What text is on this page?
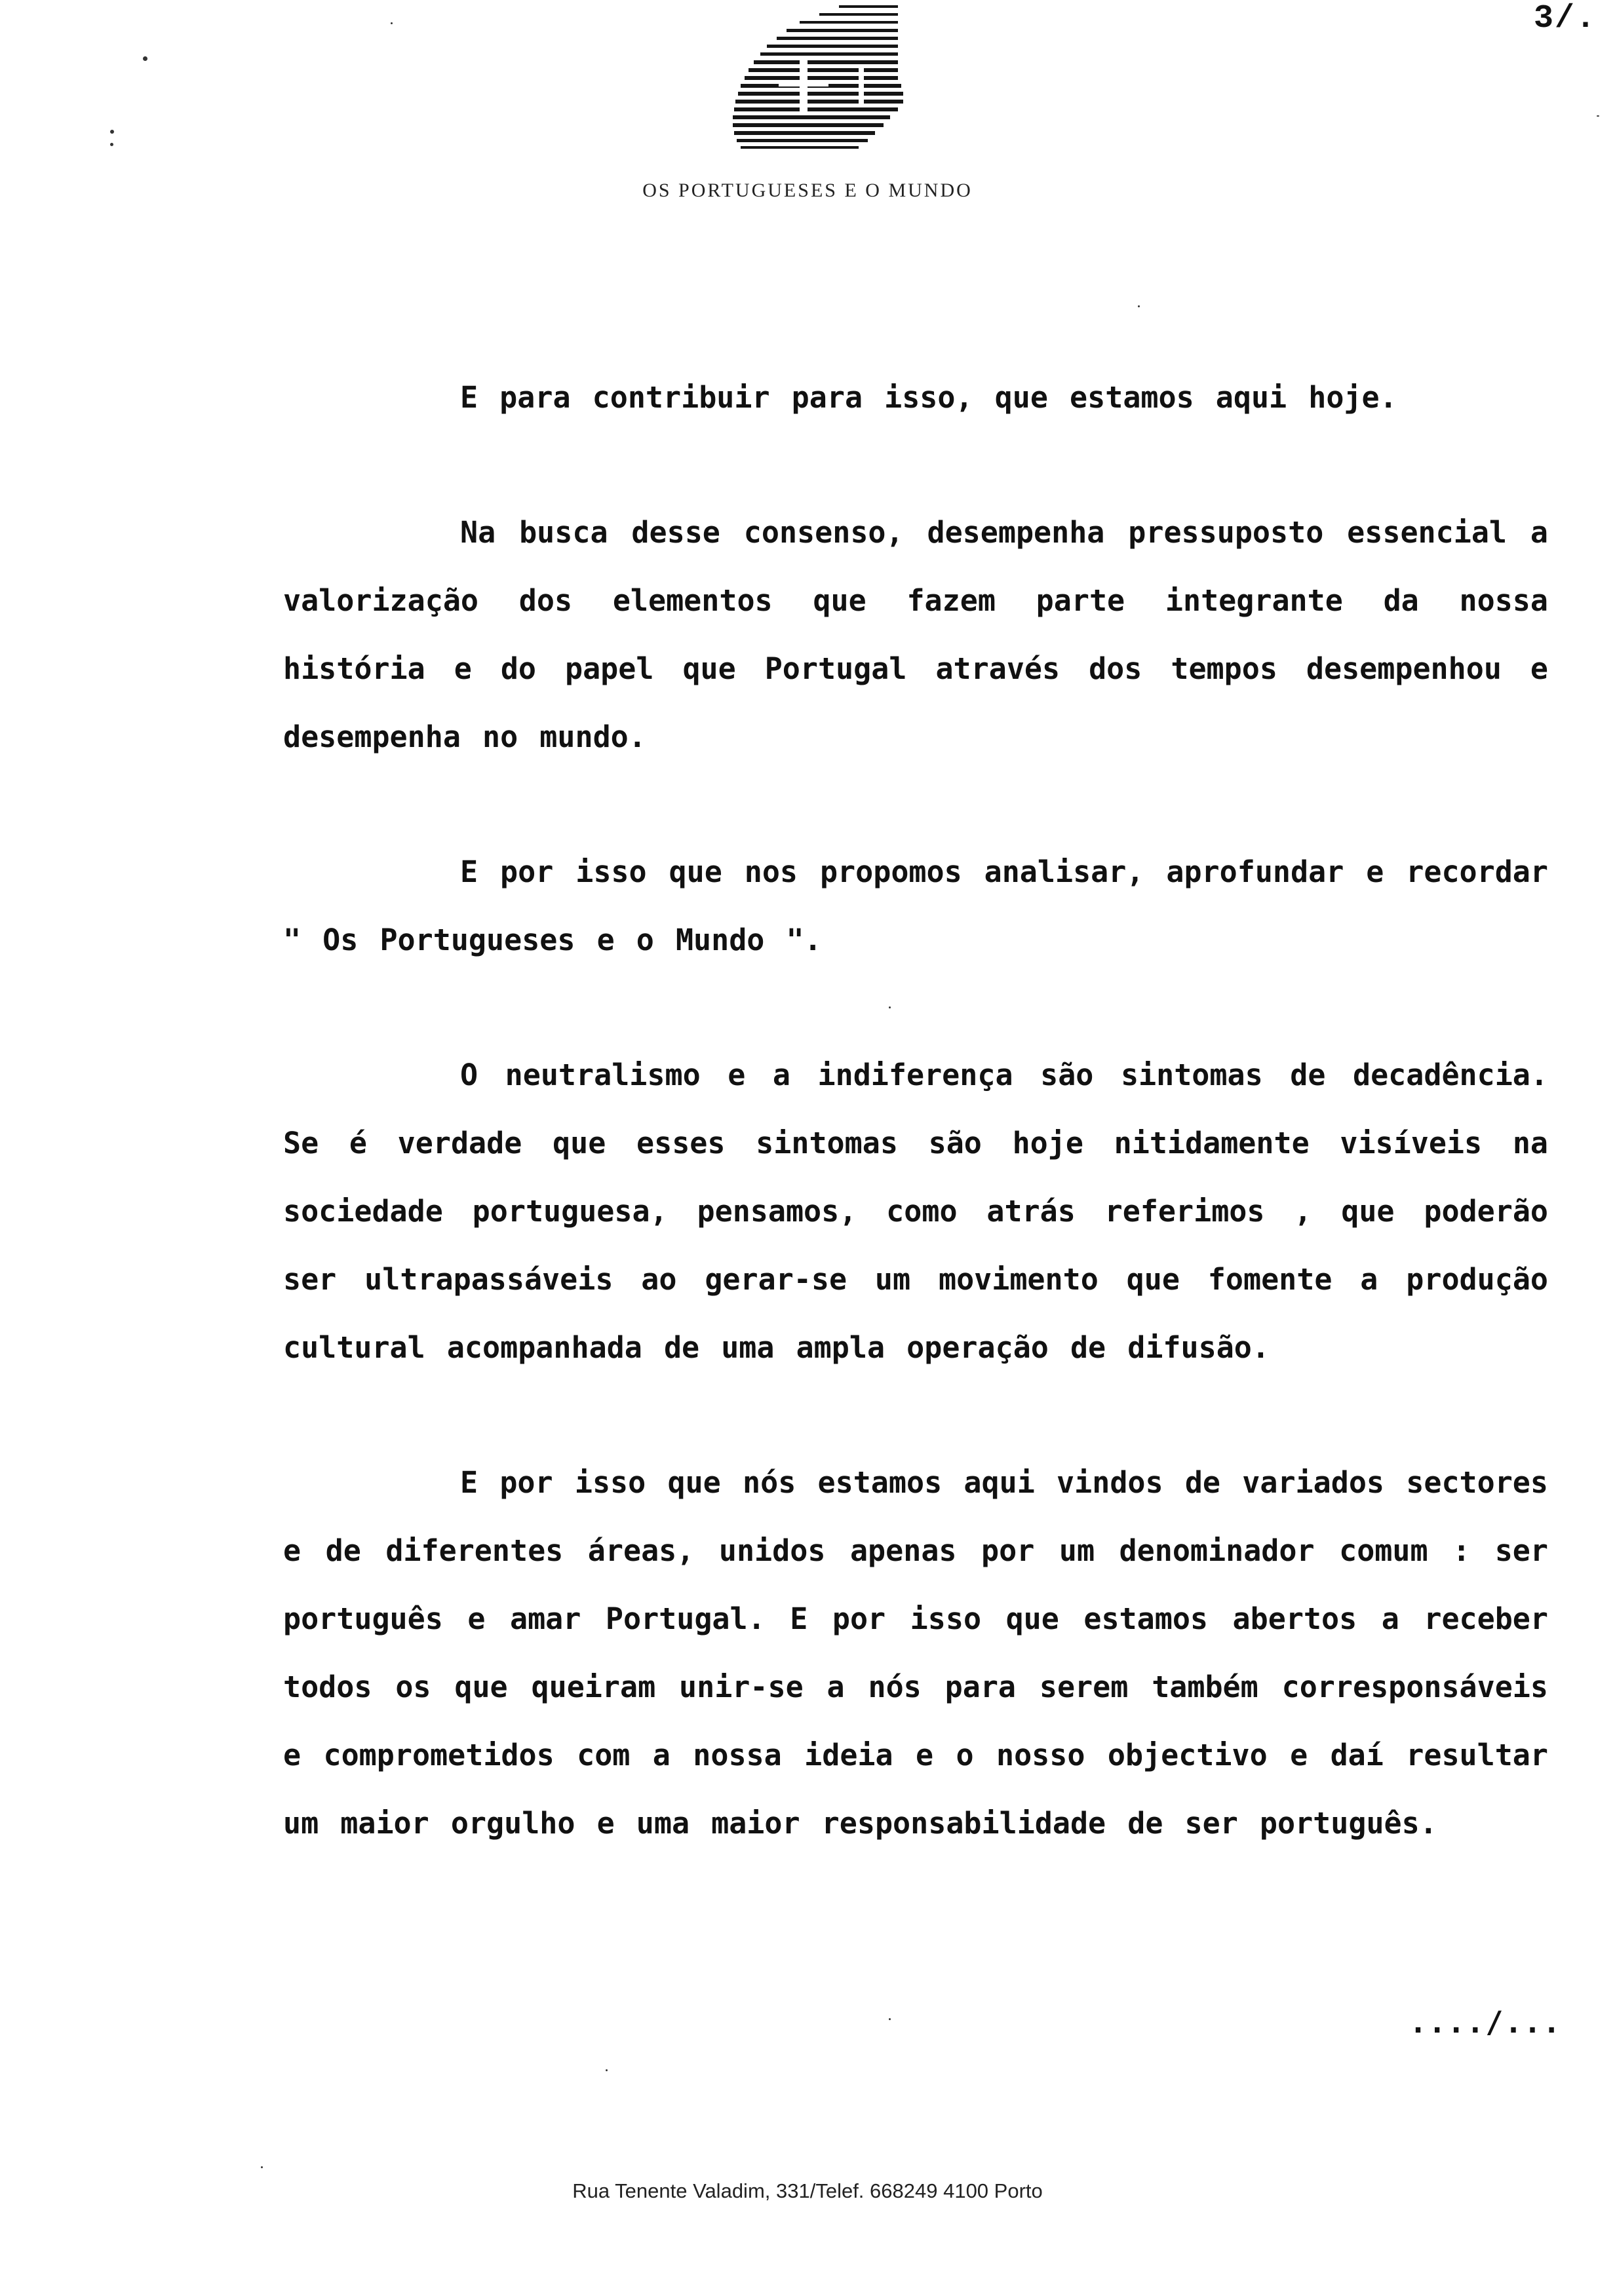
3/.
OS PORTUGUESES E O MUNDO

E para contribuir para isso, que estamos aqui hoje.

Na busca desse consenso, desempenha pressuposto essencial a valorização dos elementos que fazem parte integrante da nossa história e do papel que Portugal através dos tempos desempenhou e desempenha no mundo.

E por isso que nos propomos analisar, aprofundar e recordar " Os Portugueses e o Mundo ".

O neutralismo e a indiferença são sintomas de decadência. Se é verdade que esses sintomas são hoje nitidamente visíveis na sociedade portuguesa, pensamos, como atrás referimos , que poderão ser ultrapassáveis ao gerar-se um movimento que fomente a produção cultural acompanhada de uma ampla operação de difusão.

E por isso que nós estamos aqui vindos de variados sectores e de diferentes áreas, unidos apenas por um denominador comum : ser português e amar Portugal. E por isso que estamos abertos a receber todos os que queiram unir-se a nós para serem também corresponsáveis e comprometidos com a nossa ideia e o nosso objectivo e daí resultar um maior orgulho e uma maior responsabilidade de ser português.

..../...
Rua Tenente Valadim, 331/Telef. 668249 4100 Porto
